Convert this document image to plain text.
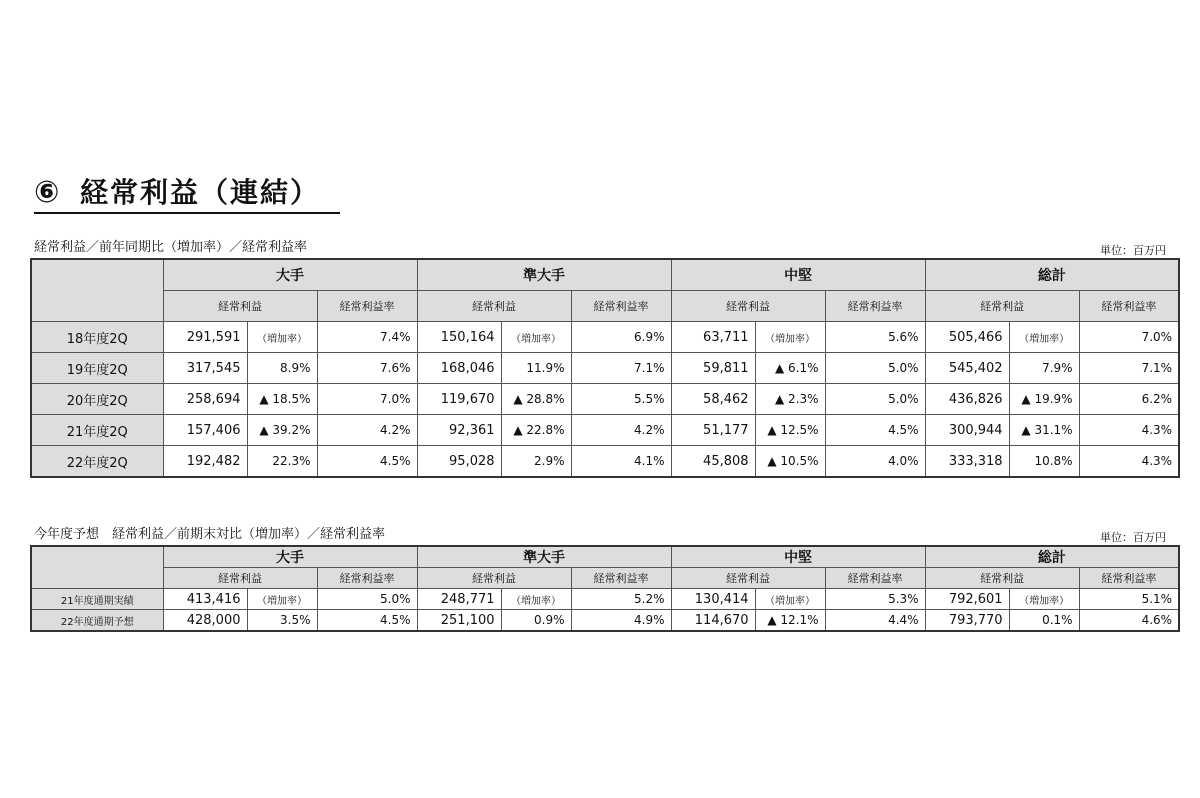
⑥ 経常利益（連結）
経常利益／前年同期比（増加率）／経常利益率	単位：百万円
	大手			準大手			中堅			総計		
	経常利益		経常利益率	経常利益		経常利益率	経常利益		経常利益率	経常利益		経常利益率
18年度2Q	291,591	（増加率）	7.4%	150,164	（増加率）	6.9%	63,711	（増加率）	5.6%	505,466	（増加率）	7.0%
19年度2Q	317,545	8.9%	7.6%	168,046	11.9%	7.1%	59,811	▲ 6.1%	5.0%	545,402	7.9%	7.1%
20年度2Q	258,694	▲ 18.5%	7.0%	119,670	▲ 28.8%	5.5%	58,462	▲ 2.3%	5.0%	436,826	▲ 19.9%	6.2%
21年度2Q	157,406	▲ 39.2%	4.2%	92,361	▲ 22.8%	4.2%	51,177	▲ 12.5%	4.5%	300,944	▲ 31.1%	4.3%
22年度2Q	192,482	22.3%	4.5%	95,028	2.9%	4.1%	45,808	▲ 10.5%	4.0%	333,318	10.8%	4.3%
今年度予想　経常利益／前期末対比（増加率）／経常利益率	単位：百万円
	大手			準大手			中堅			総計		
	経常利益		経常利益率	経常利益		経常利益率	経常利益		経常利益率	経常利益		経常利益率
21年度通期実績	413,416	（増加率）	5.0%	248,771	（増加率）	5.2%	130,414	（増加率）	5.3%	792,601	（増加率）	5.1%
22年度通期予想	428,000	3.5%	4.5%	251,100	0.9%	4.9%	114,670	▲ 12.1%	4.4%	793,770	0.1%	4.6%
